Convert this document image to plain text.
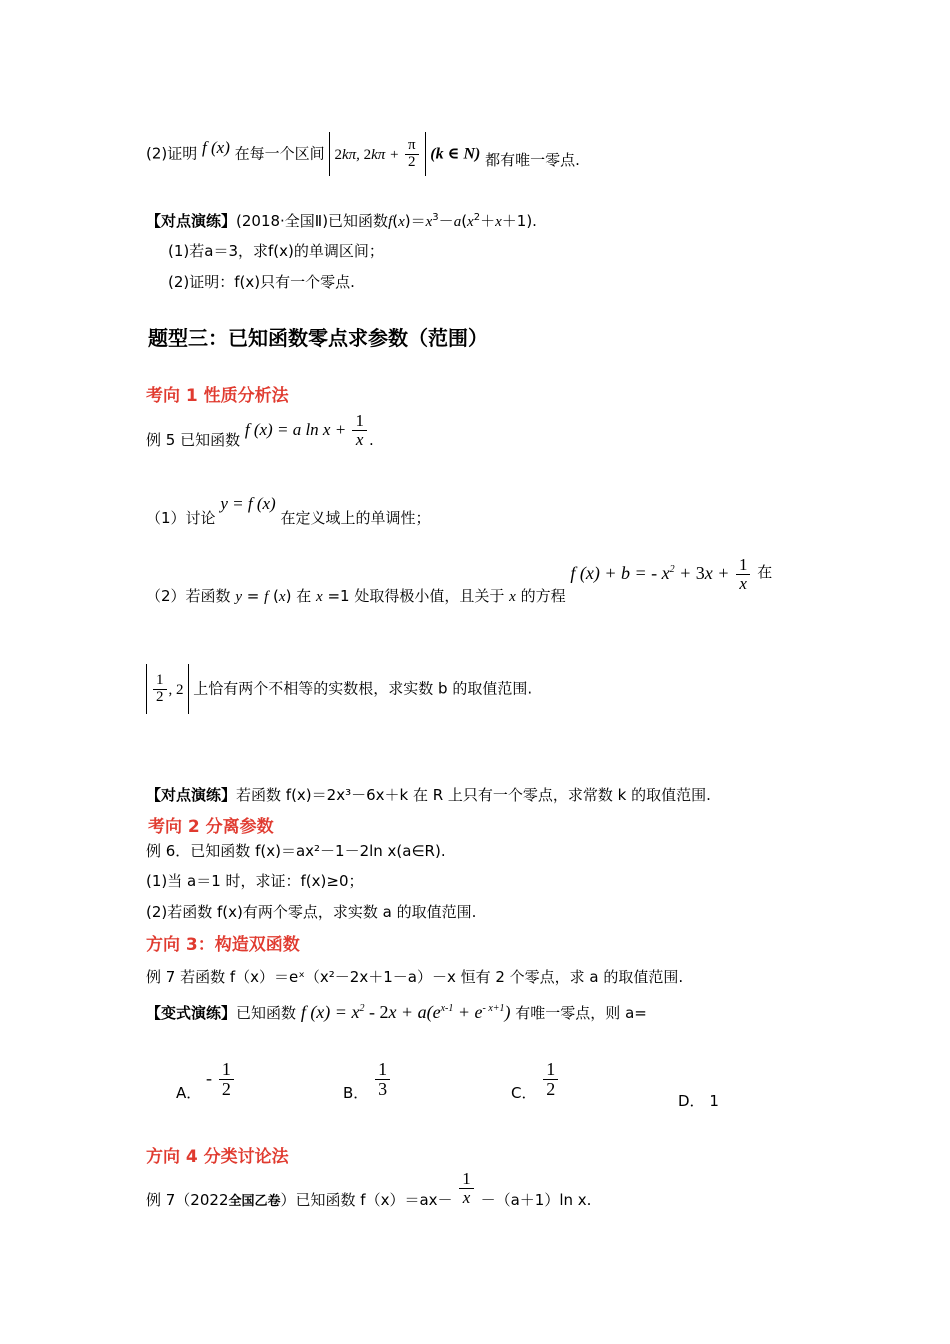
(2)证明 f (x) 在每一个区间 2kπ, $2k\pi + \frac{\pi}{2} (k$ ∈ N) 都有唯一零点.
【对点演练】(2018·全国Ⅱ)已知函数$f(x)=x^3-a(x^2+x+1)$.
(1)若a＝3，求f(x)的单调区间；
(2)证明：f(x)只有一个零点.
题型三：已知函数零点求参数（范围）
考向 1 性质分析法
例 5 已知函数 f (x) = a $\ln x + \frac{1}{x}$ .
（1）讨论 y = f (x) 在定义域上的单调性；
（2）若函数 y = f (x) 在 x =1 处取得极小值，且关于 x 的方程 f (x) + b = - $x^2 + 3x + \frac{1}{x}$ 在
$\frac{1}{2}$ , 2 上恰有两个不相等的实数根，求实数 b 的取值范围.
【对点演练】若函数 f(x)＝2x³－6x＋k 在 R 上只有一个零点，求常数 k 的取值范围.
考向 2 分离参数
例 6．已知函数 f(x)＝ax²－1－2ln x(a∈R).
(1)当 a＝1 时，求证：f(x)≥0；
(2)若函数 f(x)有两个零点，求实数 a 的取值范围.
方向 3：构造双函数
例 7 若函数 f（x）＝eˣ（x²－2x＋1－a）－x 恒有 2 个零点，求 a 的取值范围.
【变式演练】已知函数 f $(x) = x^2 - 2x + a(e^{x-1} + e^{- x+1})$ 有唯一零点，则 a=
A． - $\frac{1}{2}$	B． $\frac{1}{3}$	C． $\frac{1}{2}$
D． 1
方向 4 分类讨论法
例 7（2022全国乙卷）已知函数 $f(x)=ax- \frac{1}{x} -(a+1)\ln$ x.
